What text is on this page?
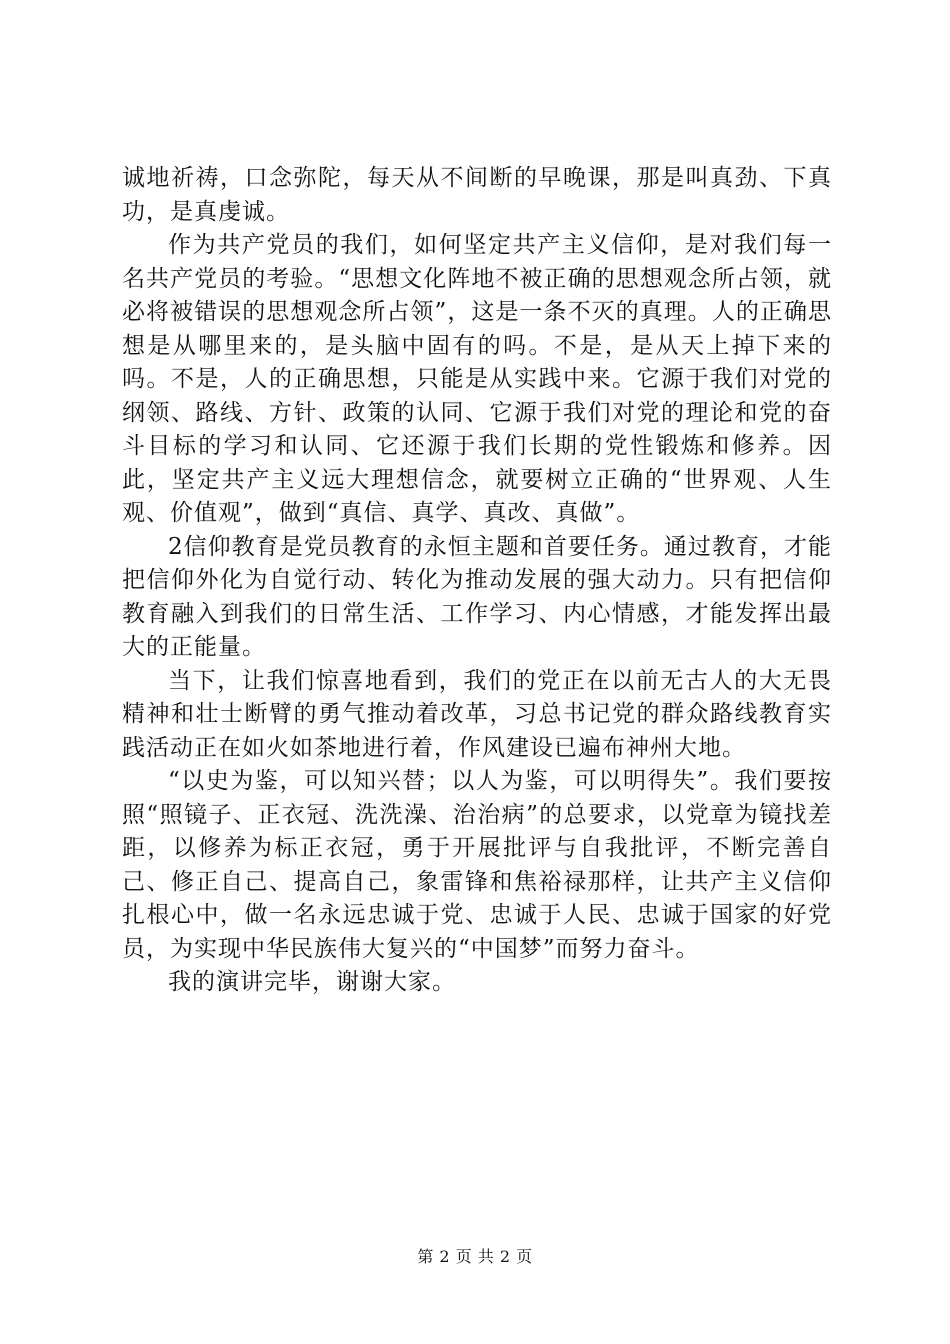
诚地祈祷，口念弥陀，每天从不间断的早晚课，那是叫真劲、下真功，是真虔诚。

作为共产党员的我们，如何坚定共产主义信仰，是对我们每一名共产党员的考验。“思想文化阵地不被正确的思想观念所占领，就必将被错误的思想观念所占领”，这是一条不灭的真理。人的正确思想是从哪里来的，是头脑中固有的吗。不是，是从天上掉下来的吗。不是，人的正确思想，只能是从实践中来。它源于我们对党的纲领、路线、方针、政策的认同、它源于我们对党的理论和党的奋斗目标的学习和认同、它还源于我们长期的党性锻炼和修养。因此，坚定共产主义远大理想信念，就要树立正确的“世界观、人生观、价值观”，做到“真信、真学、真改、真做”。

2信仰教育是党员教育的永恒主题和首要任务。通过教育，才能把信仰外化为自觉行动、转化为推动发展的强大动力。只有把信仰教育融入到我们的日常生活、工作学习、内心情感，才能发挥出最大的正能量。

当下，让我们惊喜地看到，我们的党正在以前无古人的大无畏精神和壮士断臂的勇气推动着改革，习总书记党的群众路线教育实践活动正在如火如茶地进行着，作风建设已遍布神州大地。

“以史为鉴，可以知兴替；以人为鉴，可以明得失”。我们要按照“照镜子、正衣冠、洗洗澡、治治病”的总要求，以党章为镜找差距，以修养为标正衣冠，勇于开展批评与自我批评，不断完善自己、修正自己、提高自己，象雷锋和焦裕禄那样，让共产主义信仰扎根心中，做一名永远忠诚于党、忠诚于人民、忠诚于国家的好党员，为实现中华民族伟大复兴的“中国梦”而努力奋斗。

我的演讲完毕，谢谢大家。

第 2 页 共 2 页
